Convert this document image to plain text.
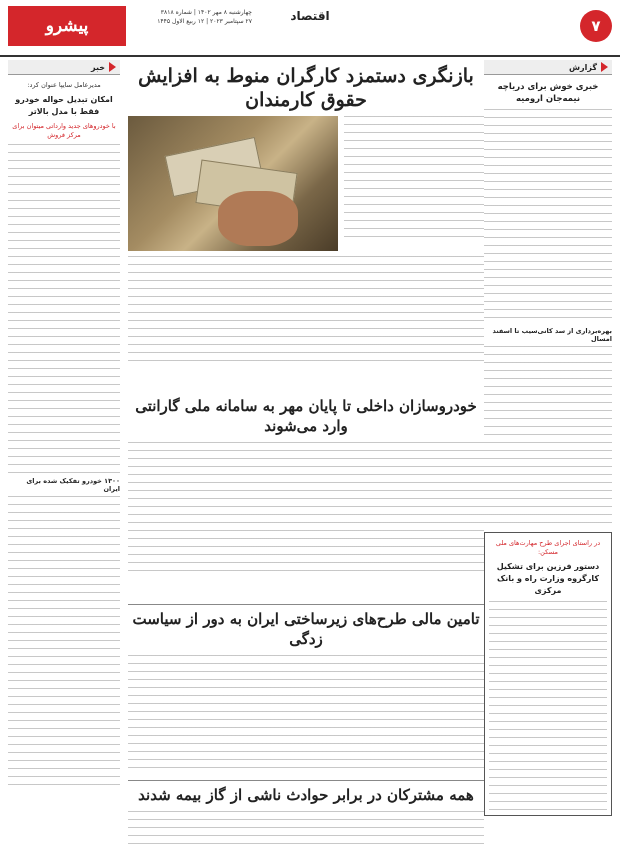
۷
اقتصاد
چهارشنبه ۸ مهر ۱۴۰۲ | شماره ۳۸۱۸
۲۷ سپتامبر ۲۰۲۳ | ۱۲ ربیع الاول ۱۴۴۵
پیشرو
گزارش
خبری خوش برای دریاچه نیمه‌جان ارومیه
بهره‌برداری از سد کانی‌سیب تا اسفند امسال
در راستای اجرای طرح مهارت‌های ملی مسکن:
دستور فرزین برای تشکیل کارگروه وزارت راه و بانک مرکزی
خبر
مدیرعامل سایپا عنوان کرد:
امکان تبدیل حواله خودرو فقط با مدل بالاتر
با خودروهای جدید وارداتی میتوان برای مرکز فروش
۱۳۰۰ خودرو تفکیک شده برای ایران
بازنگری دستمزد کارگران منوط به افزایش حقوق کارمندان
خودروسازان داخلی تا پایان مهر به سامانه ملی گارانتی وارد می‌شوند
تامین مالی طرح‌های زیرساختی ایران به دور از سیاست زدگی
همه مشترکان در برابر حوادث ناشی از گاز بیمه شدند
